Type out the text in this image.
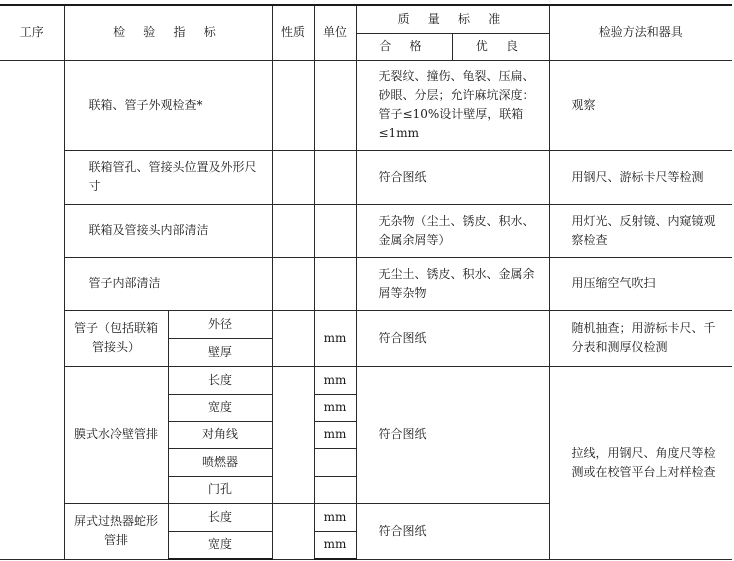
工序	检 验 指 标		性质	单位	质 量 标 准		检验方法和器具
					合 格	优 良	
	联箱、管子外观检查*				无裂纹、撞伤、龟裂、压扁、砂眼、分层；允许麻坑深度：管子≤10%设计壁厚，联箱≤1mm		观察
	联箱管孔、管接头位置及外形尺寸				符合图纸		用钢尺、游标卡尺等检测
	联箱及管接头内部清洁				无杂物（尘土、锈皮、积水、金属余屑等）		用灯光、反射镜、内窥镜观察检查
	管子内部清洁				无尘土、锈皮、积水、金属余屑等杂物		用压缩空气吹扫
	管子（包括联箱管接头）	外径		mm	符合图纸		随机抽查；用游标卡尺、千分表和测厚仪检测
		壁厚					
	膜式水冷壁管排	长度		mm	符合图纸		拉线，用钢尺、角度尺等检测或在校管平台上对样检查
		宽度		mm			
		对角线		mm			
		喷燃器					
		门孔					
	屏式过热器蛇形管排	长度		mm	符合图纸		
		宽度		mm			
